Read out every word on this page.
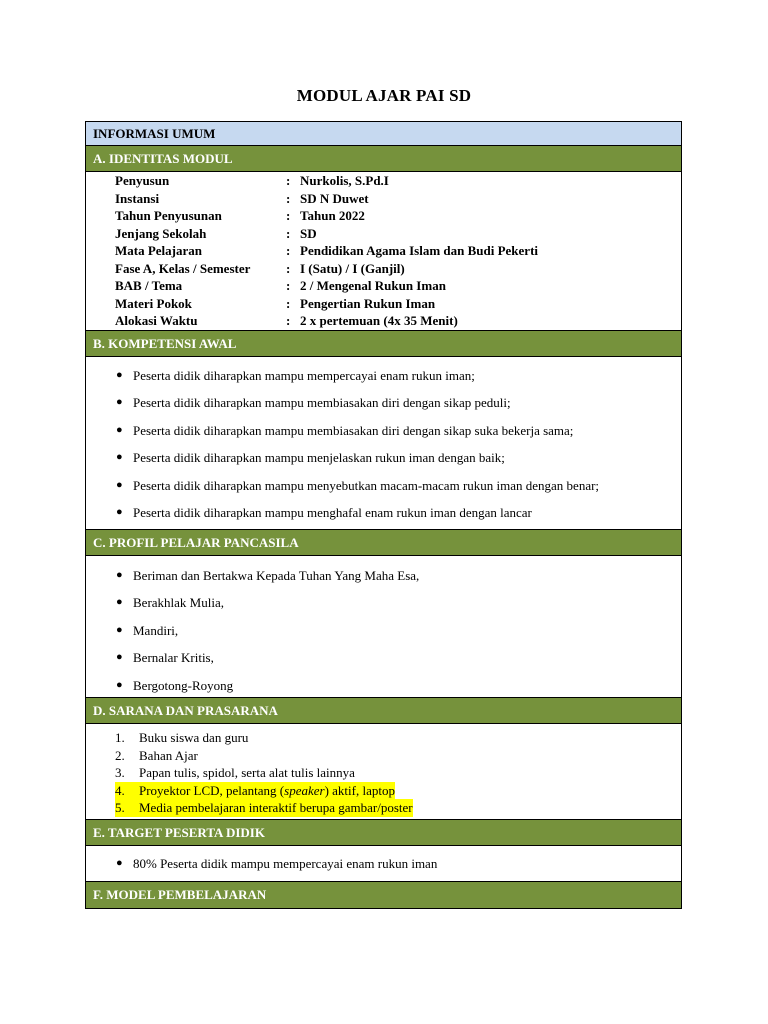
MODUL AJAR PAI SD
INFORMASI UMUM
A. IDENTITAS MODUL
Penyusun	: Nurkolis, S.Pd.I
Instansi	: SD N Duwet
Tahun Penyusunan	: Tahun 2022
Jenjang Sekolah	: SD
Mata Pelajaran	: Pendidikan Agama Islam dan Budi Pekerti
Fase A, Kelas / Semester	: I (Satu) / I (Ganjil)
BAB / Tema	: 2 / Mengenal Rukun Iman
Materi Pokok	: Pengertian Rukun Iman
Alokasi Waktu	: 2 x pertemuan (4x 35 Menit)
B. KOMPETENSI AWAL
● Peserta didik diharapkan mampu mempercayai enam rukun iman;
● Peserta didik diharapkan mampu membiasakan diri dengan sikap peduli;
● Peserta didik diharapkan mampu membiasakan diri dengan sikap suka bekerja sama;
● Peserta didik diharapkan mampu menjelaskan rukun iman dengan baik;
● Peserta didik diharapkan mampu menyebutkan macam-macam rukun iman dengan benar;
● Peserta didik diharapkan mampu menghafal enam rukun iman dengan lancar
C. PROFIL PELAJAR PANCASILA
● Beriman dan Bertakwa Kepada Tuhan Yang Maha Esa,
● Berakhlak Mulia,
● Mandiri,
● Bernalar Kritis,
● Bergotong-Royong
D. SARANA DAN PRASARANA
1.	Buku siswa dan guru
2.	Bahan Ajar
3.	Papan tulis, spidol, serta alat tulis lainnya
4.	Proyektor LCD, pelantang (speaker) aktif, laptop
5.	Media pembelajaran interaktif berupa gambar/poster
E. TARGET PESERTA DIDIK
● 80% Peserta didik mampu mempercayai enam rukun iman
F. MODEL PEMBELAJARAN
